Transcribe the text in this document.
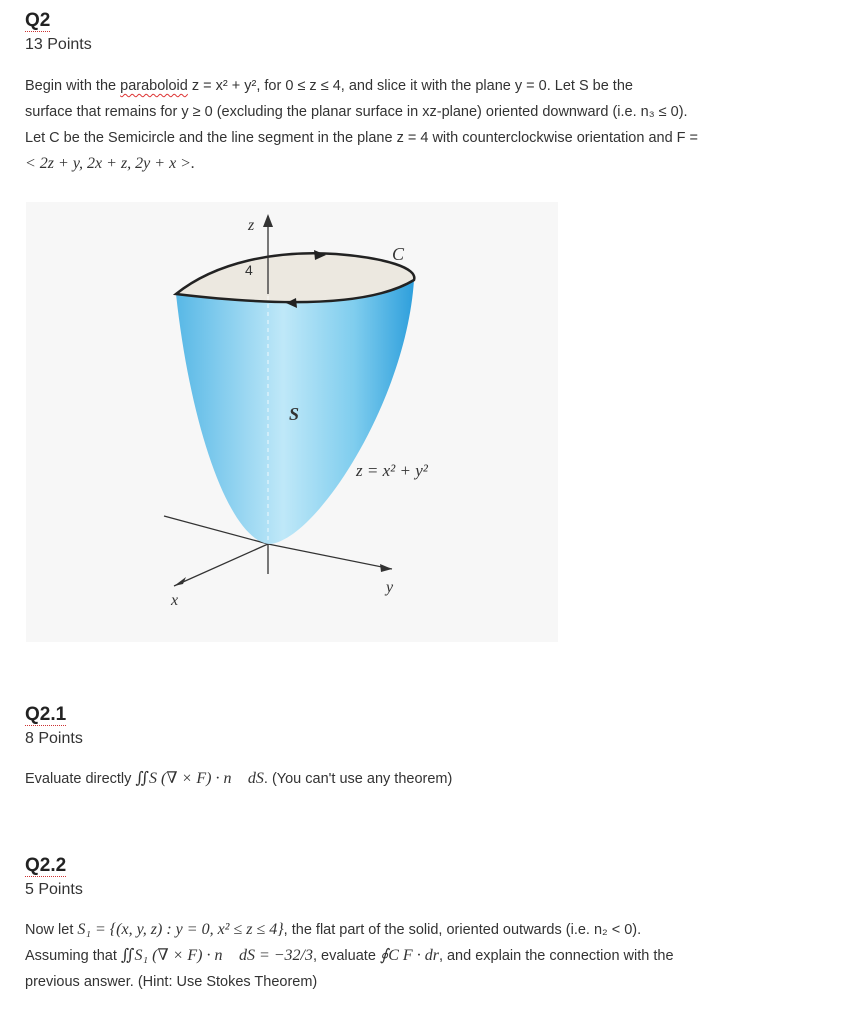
Q2
13 Points
Begin with the paraboloid z = x² + y², for 0 ≤ z ≤ 4, and slice it with the plane y = 0. Let S be the
surface that remains for y ≥ 0 (excluding the planar surface in xz-plane) oriented downward (i.e. n₃ ≤ 0).
Let C be the Semicircle and the line segment in the plane z = 4 with counterclockwise orientation and F =
< 2z + y, 2x + z, 2y + x >.
z
4
C
S
z = x² + y²
x
y
Q2.1
8 Points
Evaluate directly ∬S (∇ × F) · n⃗ dS. (You can't use any theorem)
Q2.2
5 Points
Now let S₁ = {(x, y, z) : y = 0, x² ≤ z ≤ 4}, the flat part of the solid, oriented outwards (i.e. n₂ < 0).
Assuming that ∬S₁ (∇ × F) · n⃗ dS = −32/3, evaluate ∮C F · dr, and explain the connection with the
previous answer. (Hint: Use Stokes Theorem)
